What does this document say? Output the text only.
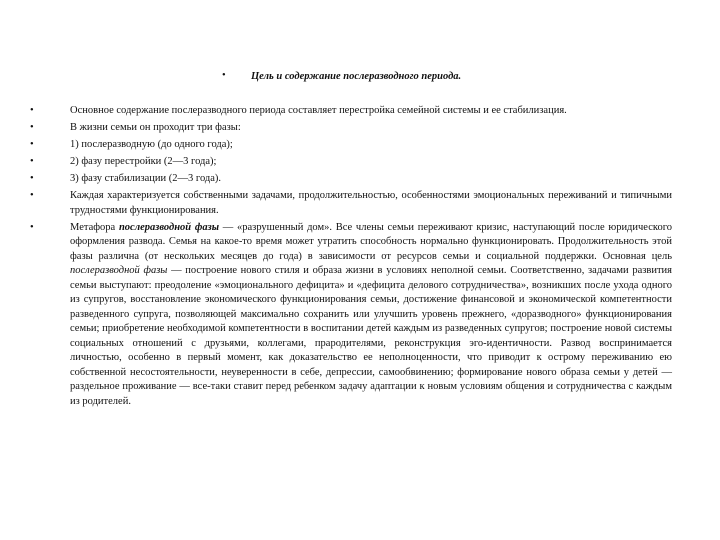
• Цель и содержание послеразводного периода.
•	Основное содержание послеразводного периода составляет перестройка семейной системы и ее стабилизация.
•	В жизни семьи он проходит три фазы:
•	1) послеразводную (до одного года);
•	2) фазу перестройки (2—3 года);
•	3) фазу стабилизации (2—3 года).
•	Каждая характеризуется собственными задачами, продолжительностью, особенностями эмоциональных переживаний и типичными трудностями функционирования.
•	Метафора послеразводной фазы — «разрушенный дом». Все члены семьи переживают кризис, наступающий после юридического оформления развода. Семья на какое-то время может утратить способность нормально функционировать. Продолжительность этой фазы различна (от нескольких месяцев до года) в зависимости от ресурсов семьи и социальной поддержки. Основная цель послеразводной фазы — построение нового стиля и образа жизни в условиях неполной семьи. Соответственно, задачами развития семьи выступают: преодоление «эмоционального дефицита» и «дефицита делового сотрудничества», возникших после ухода одного из супругов, восстановление экономического функционирования семьи, достижение финансовой и экономической компетентности разведенного супруга, позволяющей максимально сохранить или улучшить уровень прежнего, «доразводного» функционирования семьи; приобретение необходимой компетентности в воспитании детей каждым из разведенных супругов; построение новой системы социальных отношений с друзьями, коллегами, прародителями, реконструкция эго-идентичности. Развод воспринимается личностью, особенно в первый момент, как доказательство ее неполноценности, что приводит к острому переживанию ею собственной несостоятельности, неуверенности в себе, депрессии, самообвинению; формирование нового образа семьи у детей — раздельное проживание — все-таки ставит перед ребенком задачу адаптации к новым условиям общения и сотрудничества с каждым из родителей.
